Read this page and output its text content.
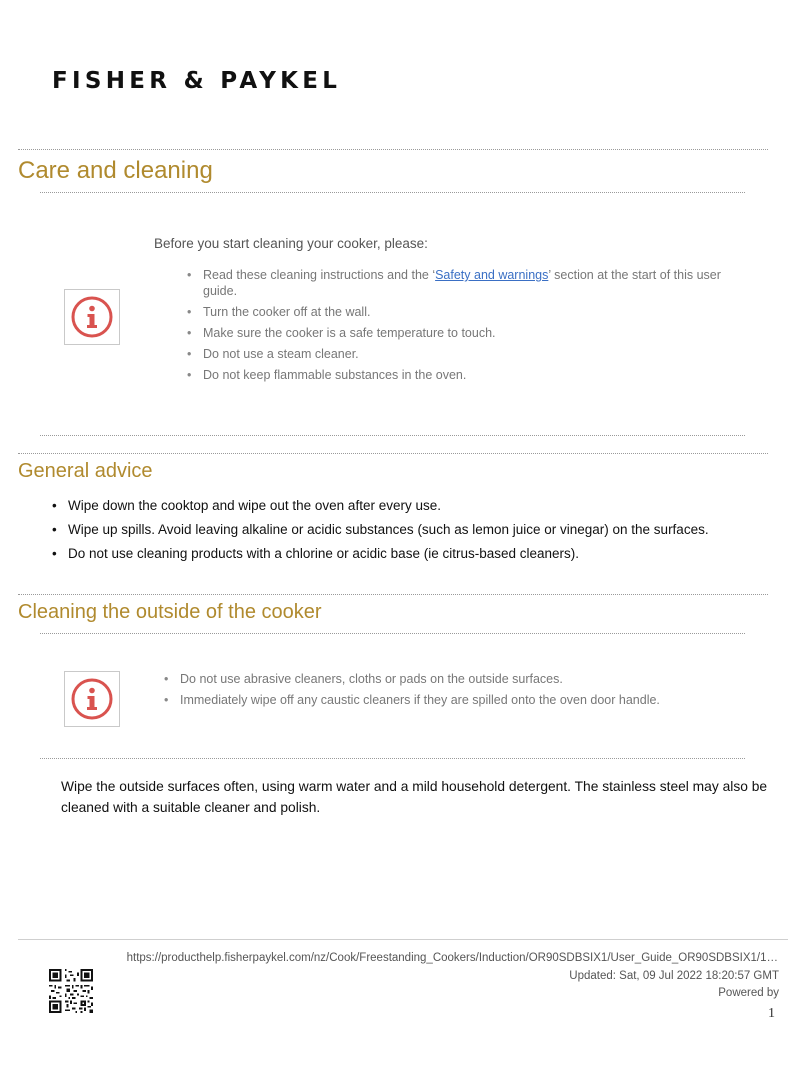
FISHER & PAYKEL
Care and cleaning
Before you start cleaning your cooker, please:
• Read these cleaning instructions and the ‘Safety and warnings’ section at the start of this user guide.
• Turn the cooker off at the wall.
• Make sure the cooker is a safe temperature to touch.
• Do not use a steam cleaner.
• Do not keep flammable substances in the oven.
General advice
• Wipe down the cooktop and wipe out the oven after every use.
• Wipe up spills. Avoid leaving alkaline or acidic substances (such as lemon juice or vinegar) on the surfaces.
• Do not use cleaning products with a chlorine or acidic base (ie citrus-based cleaners).
Cleaning the outside of the cooker
• Do not use abrasive cleaners, cloths or pads on the outside surfaces.
• Immediately wipe off any caustic cleaners if they are spilled onto the oven door handle.
Wipe the outside surfaces often, using warm water and a mild household detergent. The stainless steel may also be cleaned with a suitable cleaner and polish.
https://producthelp.fisherpaykel.com/nz/Cook/Freestanding_Cookers/Induction/OR90SDBSIX1/User_Guide_OR90SDBSIX1/1…
Updated: Sat, 09 Jul 2022 18:20:57 GMT
Powered by
1
